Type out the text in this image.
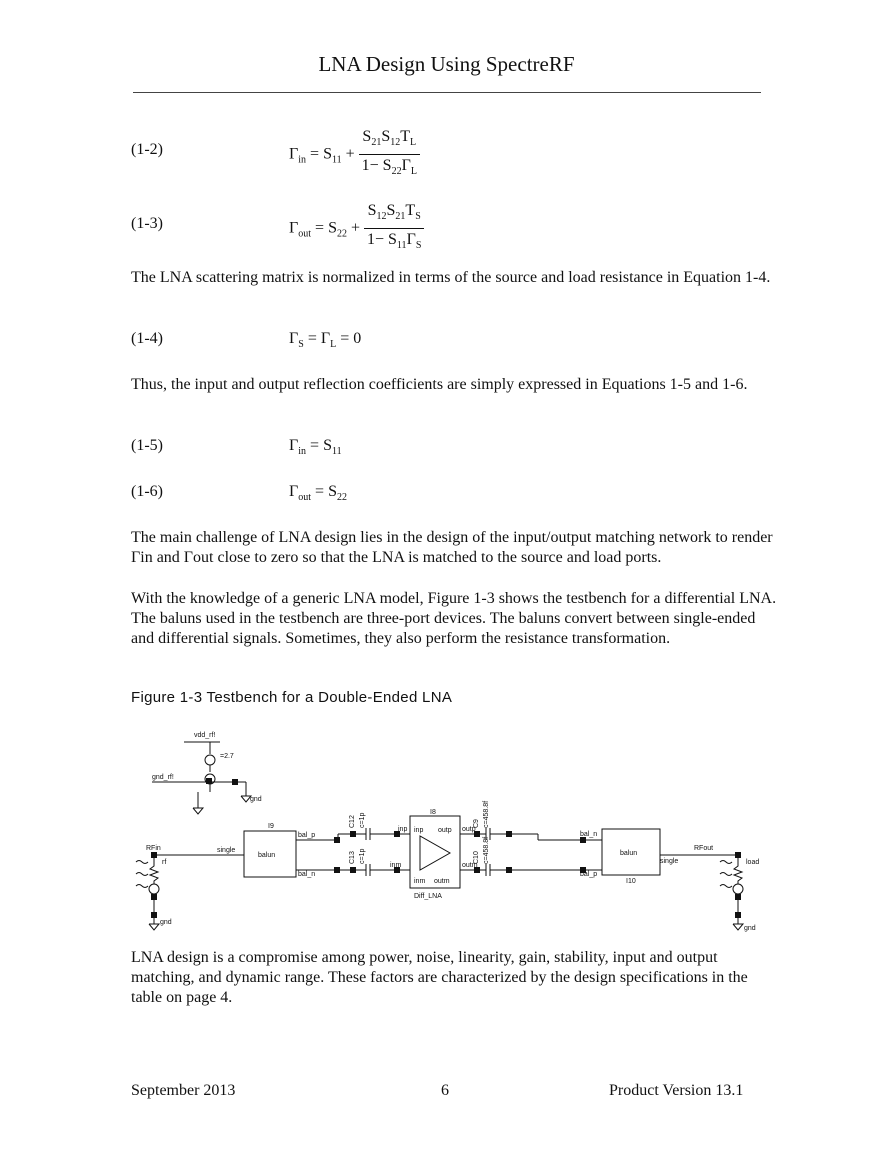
LNA Design Using SpectreRF
(1-2)	$\Gamma_{in} = S_{11} + \frac{S_{21}S_{12}T_L}{1- S_{22}\Gamma_L}$
(1-3)	$\Gamma_{out} = S_{22} + \frac{S_{12}S_{21}T_S}{1- S_{11}\Gamma_S}$

The LNA scattering matrix is normalized in terms of the source and load resistance in Equation 1-4.

(1-4)	$\Gamma_S = \Gamma_L = 0$

Thus, the input and output reflection coefficients are simply expressed in Equations 1-5 and 1-6.

(1-5)	$\Gamma_{in} = S_{11}$
(1-6)	$\Gamma_{out} = S_{22}$

The main challenge of LNA design lies in the design of the input/output matching network to render Γin and Γout close to zero so that the LNA is matched to the source and load ports.

With the knowledge of a generic LNA model, Figure 1-3 shows the testbench for a differential LNA. The baluns used in the testbench are three-port devices. The baluns convert between single-ended and differential signals. Sometimes, they also perform the resistance transformation.

Figure 1-3 Testbench for a Double-Ended LNA
vdd_rf!
=2.7
gnd_rf!
gnd
RFin
rf
gnd
single
I9
balun
bal_p
bal_n
C12 c=1p
C13 c=1p
I8
inp inp
inm
inm
outp outp
outm
outm
Diff_LNA
C9 c=458.8f
C10 c=458.8f
bal_n
bal_p
balun
I10
single
RFout
load
gnd

LNA design is a compromise among power, noise, linearity, gain, stability, input and output matching, and dynamic range. These factors are characterized by the design specifications in the table on page 4.

September 2013	6	Product Version 13.1
